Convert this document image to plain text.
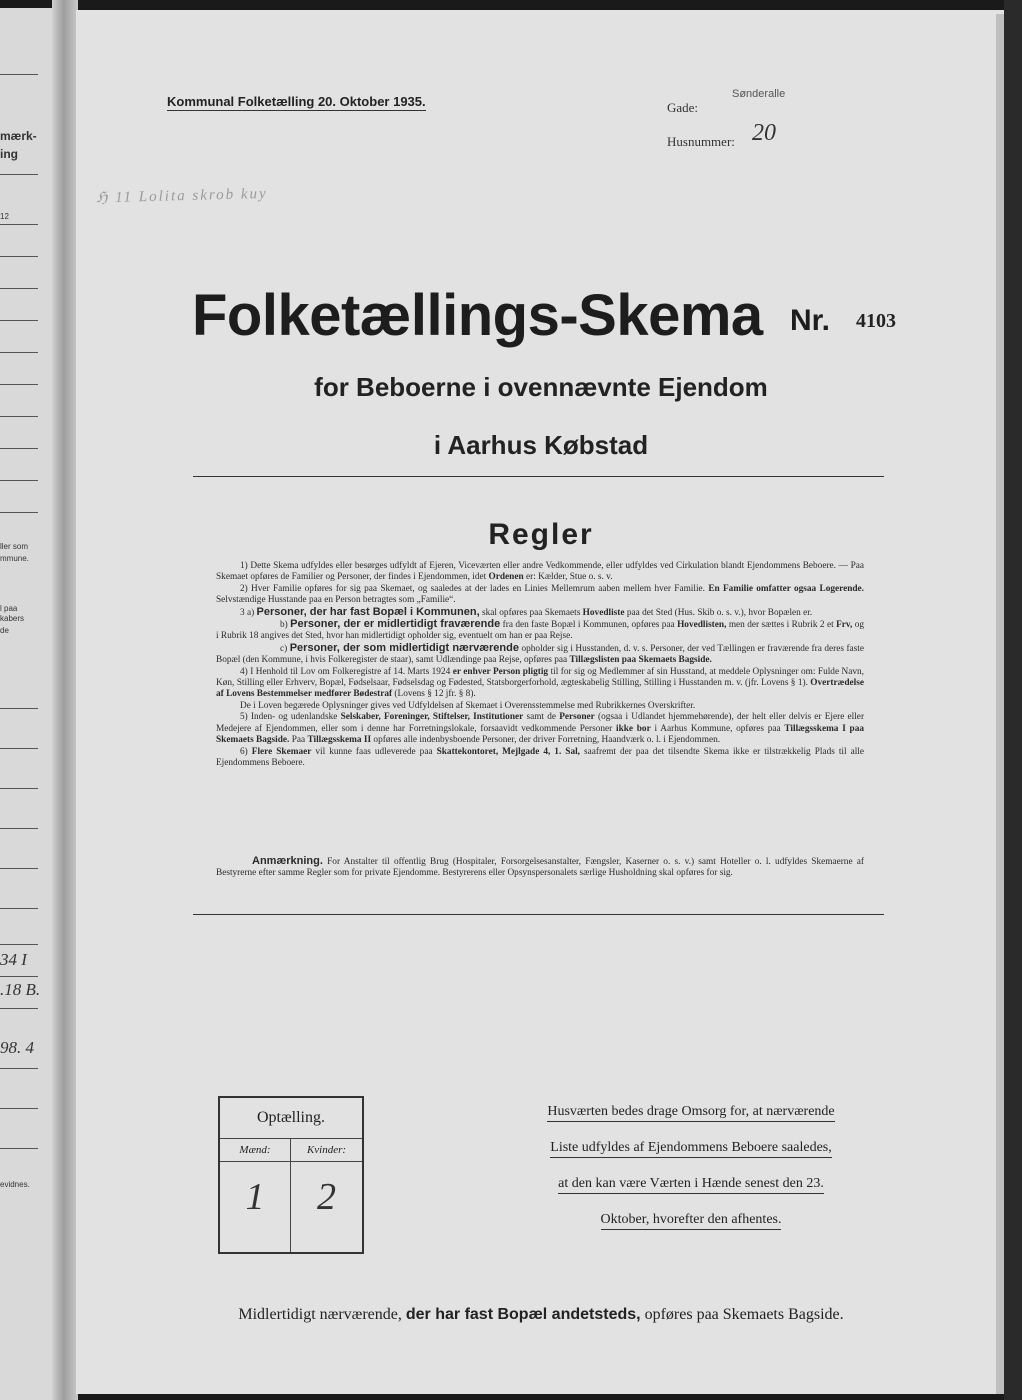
mærk-
ing
12
ller som
mmune.
l paa
kabers
de
34 I
.18 B.
98. 4
evidnes.
Kommunal Folketælling 20. Oktober 1935.	Gade:
Sønderalle
Husnummer: 20
ℌ 11 Lolita skrob kuy
Folketællings-Skema Nr. 4103
for Beboerne i ovennævnte Ejendom
i Aarhus Købstad
Regler

1) Dette Skema udfyldes eller besørges udfyldt af Ejeren, Viceværten eller andre Vedkommende, eller udfyldes ved Cirkulation blandt Ejendommens Beboere. — Paa Skemaet opføres de Familier og Personer, der findes i Ejendommen, idet Ordenen er: Kælder, Stue o. s. v.

2) Hver Familie opføres for sig paa Skemaet, og saaledes at der lades en Linies Mellemrum aaben mellem hver Familie. En Familie omfatter ogsaa Logerende. Selvstændige Husstande paa en Person betragtes som „Familie“.

3 a) Personer, der har fast Bopæl i Kommunen, skal opføres paa Skemaets Hovedliste paa det Sted (Hus. Skib o. s. v.), hvor Bopælen er.

b) Personer, der er midlertidigt fraværende fra den faste Bopæl i Kommunen, opføres paa Hovedlisten, men der sættes i Rubrik 2 et Frv, og i Rubrik 18 angives det Sted, hvor han midlertidigt opholder sig, eventuelt om han er paa Rejse.

c) Personer, der som midlertidigt nærværende opholder sig i Husstanden, d. v. s. Personer, der ved Tællingen er fraværende fra deres faste Bopæl (den Kommune, i hvis Folkeregister de staar), samt Udlændinge paa Rejse, opføres paa Tillægslisten paa Skemaets Bagside.

4) I Henhold til Lov om Folkeregistre af 14. Marts 1924 er enhver Person pligtig til for sig og Medlemmer af sin Husstand, at meddele Oplysninger om: Fulde Navn, Køn, Stilling eller Erhverv, Bopæl, Fødselsaar, Fødselsdag og Fødested, Statsborgerforhold, ægteskabelig Stilling, Stilling i Husstanden m. v. (jfr. Lovens § 1). Overtrædelse af Lovens Bestemmelser medfører Bødestraf (Lovens § 12 jfr. § 8).

De i Loven begærede Oplysninger gives ved Udfyldelsen af Skemaet i Overensstemmelse med Rubrikkernes Overskrifter.

5) Inden- og udenlandske Selskaber, Foreninger, Stiftelser, Institutioner samt de Personer (ogsaa i Udlandet hjemmehørende), der helt eller delvis er Ejere eller Medejere af Ejendommen, eller som i denne har Forretningslokale, forsaavidt vedkommende Personer ikke bor i Aarhus Kommune, opføres paa Tillægsskema I paa Skemaets Bagside. Paa Tillægsskema II opføres alle indenbysboende Personer, der driver Forretning, Haandværk o. l. i Ejendommen.

6) Flere Skemaer vil kunne faas udleverede paa Skattekontoret, Mejlgade 4, 1. Sal, saafremt der paa det tilsendte Skema ikke er tilstrækkelig Plads til alle Ejendommens Beboere.

Anmærkning. For Anstalter til offentlig Brug (Hospitaler, Forsorgelsesanstalter, Fængsler, Kaserner o. s. v.) samt Hoteller o. l. udfyldes Skemaerne af Bestyrerne efter samme Regler som for private Ejendomme. Bestyrerens eller Opsynspersonalets særlige Husholdning skal opføres for sig.

Optælling.
Mænd:
1
Kvinder:
2
Husværten bedes drage Omsorg for, at nærværende
Liste udfyldes af Ejendommens Beboere saaledes,
at den kan være Værten i Hænde senest den 23.
Oktober, hvorefter den afhentes.
Midlertidigt nærværende, der har fast Bopæl andetsteds, opføres paa Skemaets Bagside.
